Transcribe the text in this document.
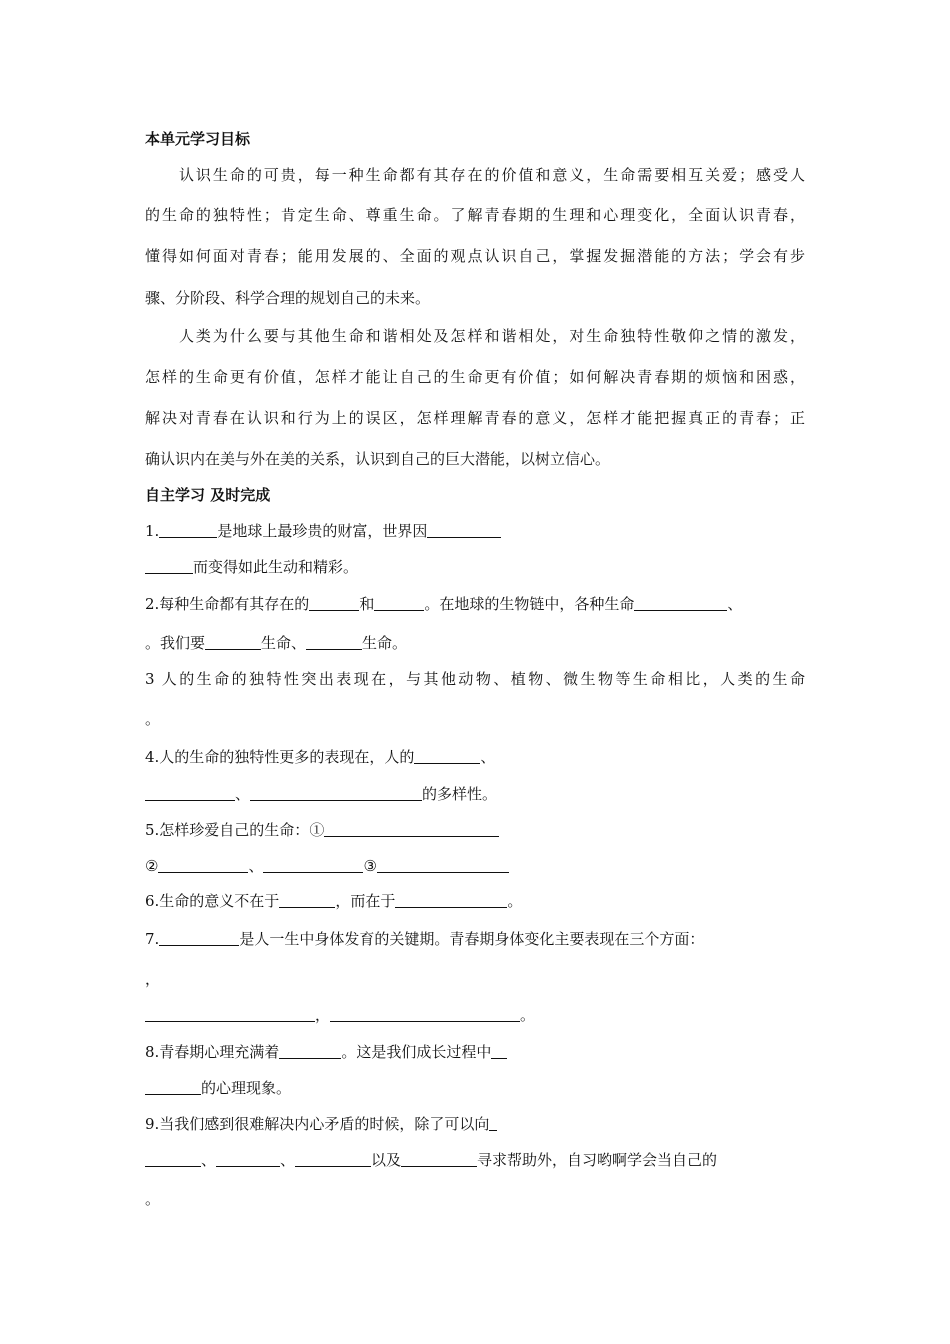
本单元学习目标
　　认识生命的可贵，每一种生命都有其存在的价值和意义，生命需要相互关爱；感受人
的生命的独特性；肯定生命、尊重生命。了解青春期的生理和心理变化，全面认识青春，
懂得如何面对青春；能用发展的、全面的观点认识自己，掌握发掘潜能的方法；学会有步
骤、分阶段、科学合理的规划自己的未来。
　　人类为什么要与其他生命和谐相处及怎样和谐相处，对生命独特性敬仰之情的激发，
怎样的生命更有价值，怎样才能让自己的生命更有价值；如何解决青春期的烦恼和困惑，
解决对青春在认识和行为上的误区，怎样理解青春的意义，怎样才能把握真正的青春；正
确认识内在美与外在美的关系，认识到自己的巨大潜能，以树立信心。
自主学习 及时完成
1.	是地球上最珍贵的财富，世界因
而变得如此生动和精彩。
2.每种生命都有其存在的	和	。在地球的生物链中，各种生命	、
。我们要	生命、	生命。
3 人的生命的独特性突出表现在，与其他动物、植物、微生物等生命相比，人类的生命
。
4.人的生命的独特性更多的表现在，人的	、
、	的多样性。
5.怎样珍爱自己的生命：①
②	、	③
6.生命的意义不在于	，而在于	。
7.	是人一生中身体发育的关键期。青春期身体变化主要表现在三个方面：
，
，	。
8.青春期心理充满着	。这是我们成长过程中
的心理现象。
9.当我们感到很难解决内心矛盾的时候，除了可以向
、	、	以及	寻求帮助外，自习哟啊学会当自己的
。
